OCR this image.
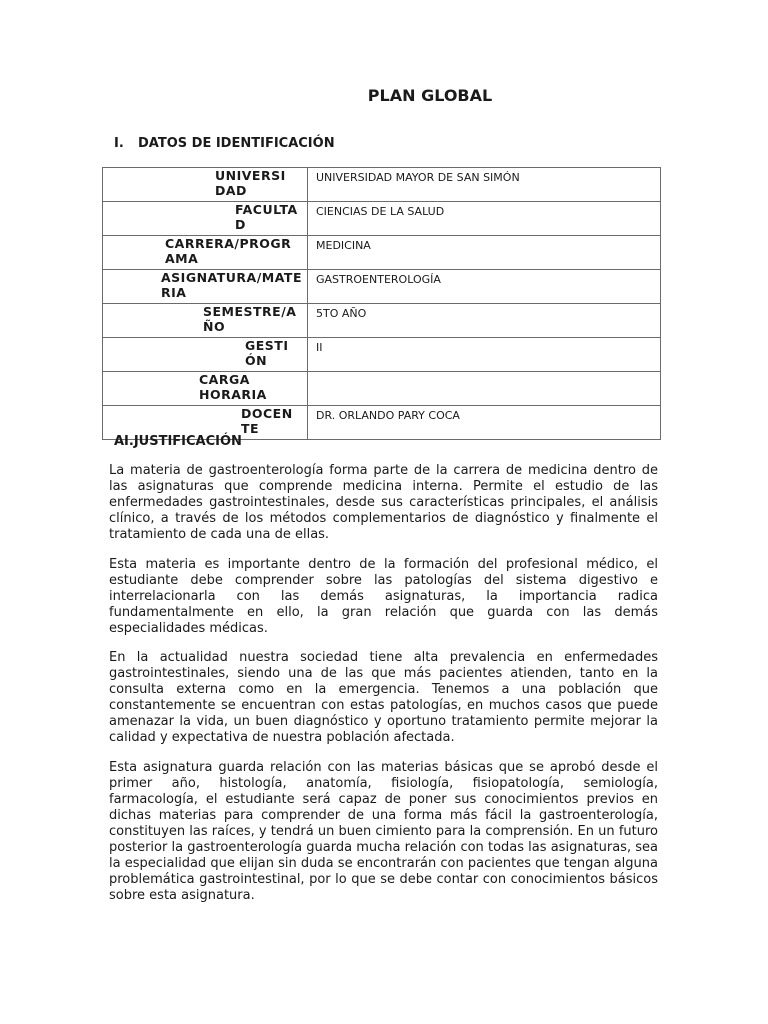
PLAN GLOBAL
I. DATOS DE IDENTIFICACIÓN
UNIVERSIDAD	UNIVERSIDAD MAYOR DE SAN SIMÓN

FACULTAD	CIENCIAS DE LA SALUD

CARRERA/PROGRAMA	MEDICINA

ASIGNATURA/MATERIA	GASTROENTEROLOGÍA

SEMESTRE/AÑO	5TO AÑO

GESTIÓN	II

CARGA HORARIA	

DOCENTE	DR. ORLANDO PARY COCA
AI.JUSTIFICACIÓN

La materia de gastroenterología forma parte de la carrera de medicina dentro de las asignaturas que comprende medicina interna. Permite el estudio de las enfermedades gastrointestinales, desde sus características principales, el análisis clínico, a través de los métodos complementarios de diagnóstico y finalmente el tratamiento de cada una de ellas.

Esta materia es importante dentro de la formación del profesional médico, el estudiante debe comprender sobre las patologías del sistema digestivo e interrelacionarla con las demás asignaturas, la importancia radica fundamentalmente en ello, la gran relación que guarda con las demás especialidades médicas.

En la actualidad nuestra sociedad tiene alta prevalencia en enfermedades gastrointestinales, siendo una de las que más pacientes atienden, tanto en la consulta externa como en la emergencia. Tenemos a una población que constantemente se encuentran con estas patologías, en muchos casos que puede amenazar la vida, un buen diagnóstico y oportuno tratamiento permite mejorar la calidad y expectativa de nuestra población afectada.

Esta asignatura guarda relación con las materias básicas que se aprobó desde el primer año, histología, anatomía, fisiología, fisiopatología, semiología, farmacología, el estudiante será capaz de poner sus conocimientos previos en dichas materias para comprender de una forma más fácil la gastroenterología, constituyen las raíces, y tendrá un buen cimiento para la comprensión. En un futuro posterior la gastroenterología guarda mucha relación con todas las asignaturas, sea la especialidad que elijan sin duda se encontrarán con pacientes que tengan alguna problemática gastrointestinal, por lo que se debe contar con conocimientos básicos sobre esta asignatura.
